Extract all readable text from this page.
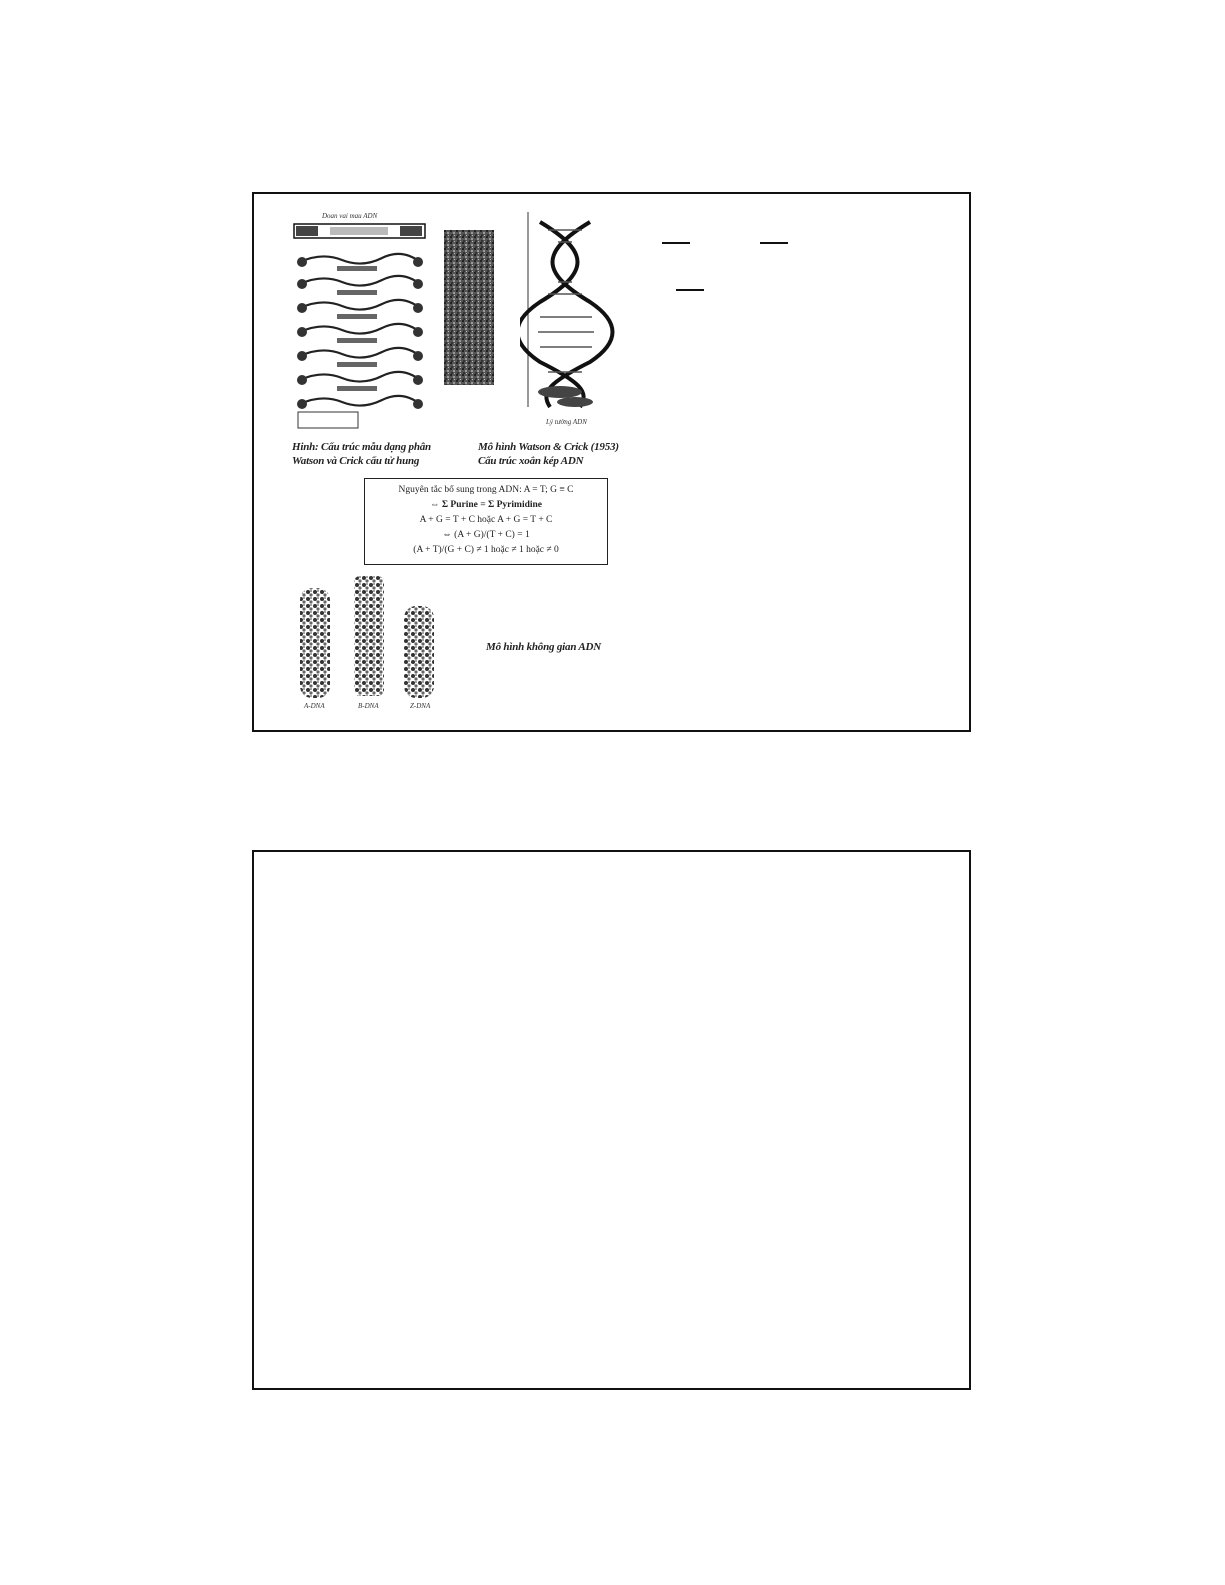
Doan vai mau ADN
Lý tưởng ADN
Hinh: Cấu trúc mẫu dạng phân
Watson và Crick cấu tử hung
Mô hình Watson & Crick (1953)
Cấu trúc xoắn kép ADN
Nguyên tắc bổ sung trong ADN: A = T; G ≡ C
⇔ Σ Purine = Σ Pyrimidine
A + G = T + C hoặc A + G = T + C
⇔ (A + G)/(T + C) = 1
(A + T)/(G + C) ≠ 1 hoặc ≠ 1 hoặc ≠ 0
A-DNA	B-DNA	Z-DNA
Mô hình không gian ADN
